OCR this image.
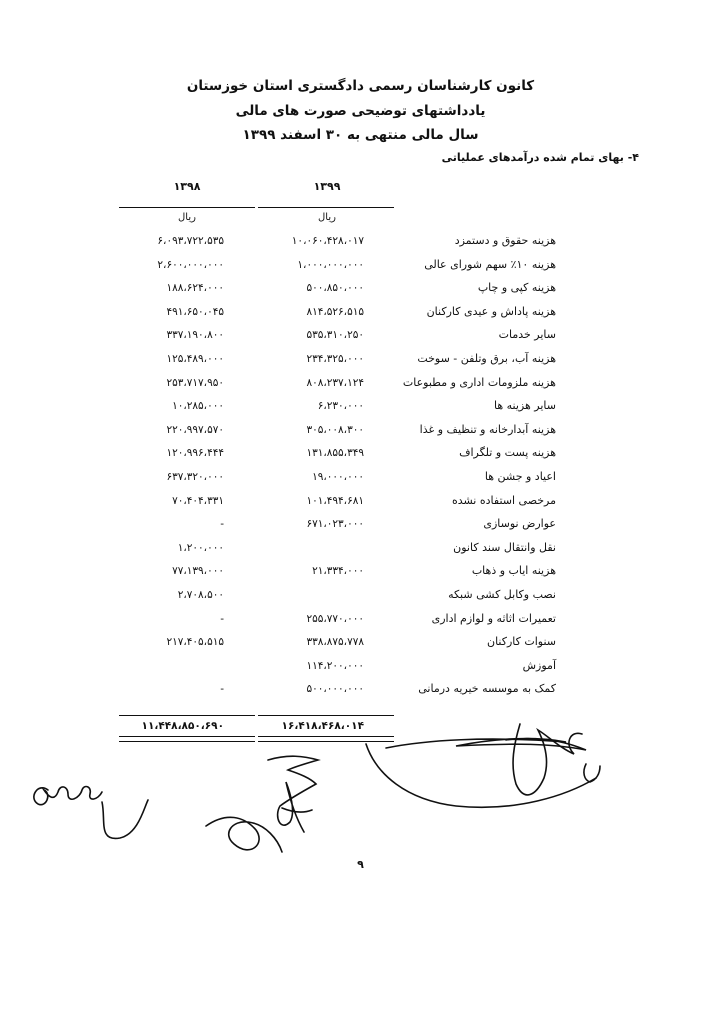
کانون کارشناسان رسمی دادگستری استان خوزستان
یادداشتهای توضیحی صورت های مالی
سال مالی منتهی به ۳۰ اسفند ۱۳۹۹
۴- بهای تمام شده درآمدهای عملیاتی
۱۳۹۹
۱۳۹۸
ریال
ریال
هزینه حقوق و دستمزد
۱۰،۰۶۰،۴۲۸،۰۱۷
۶،۰۹۳،۷۲۲،۵۳۵
هزینه ۱۰٪ سهم شورای عالی
۱،۰۰۰،۰۰۰،۰۰۰
۲،۶۰۰،۰۰۰،۰۰۰
هزینه کپی و چاپ
۵۰۰،۸۵۰،۰۰۰
۱۸۸،۶۲۴،۰۰۰
هزینه پاداش و عیدی کارکنان
۸۱۴،۵۲۶،۵۱۵
۴۹۱،۶۵۰،۰۴۵
سایر خدمات
۵۳۵،۳۱۰،۲۵۰
۳۳۷،۱۹۰،۸۰۰
هزینه آب، برق وتلفن - سوخت
۲۳۴،۳۲۵،۰۰۰
۱۲۵،۴۸۹،۰۰۰
هزینه ملزومات اداری و مطبوعات
۸۰۸،۲۳۷،۱۲۴
۲۵۳،۷۱۷،۹۵۰
سایر هزینه ها
۶،۲۳۰،۰۰۰
۱۰،۲۸۵،۰۰۰
هزینه آبدارخانه و تنظیف و غذا
۳۰۵،۰۰۸،۳۰۰
۲۲۰،۹۹۷،۵۷۰
هزینه پست و تلگراف
۱۳۱،۸۵۵،۳۴۹
۱۲۰،۹۹۶،۴۴۴
اعیاد و جشن ها
۱۹،۰۰۰،۰۰۰
۶۳۷،۳۲۰،۰۰۰
مرخصی استفاده نشده
۱۰۱،۴۹۴،۶۸۱
۷۰،۴۰۴،۳۳۱
عوارض نوسازی
۶۷۱،۰۲۳،۰۰۰
-
نقل وانتقال سند کانون
۱،۲۰۰،۰۰۰
هزینه ایاب و ذهاب
۲۱،۳۳۴،۰۰۰
۷۷،۱۳۹،۰۰۰
نصب وکابل کشی شبکه
۲،۷۰۸،۵۰۰
تعمیرات اثاثه و لوازم اداری
۲۵۵،۷۷۰،۰۰۰
-
سنوات کارکنان
۳۳۸،۸۷۵،۷۷۸
۲۱۷،۴۰۵،۵۱۵
آموزش
۱۱۴،۲۰۰،۰۰۰
کمک به موسسه خیریه درمانی
۵۰۰،۰۰۰،۰۰۰
-
۱۶،۴۱۸،۴۶۸،۰۱۴
۱۱،۴۴۸،۸۵۰،۶۹۰
۹
